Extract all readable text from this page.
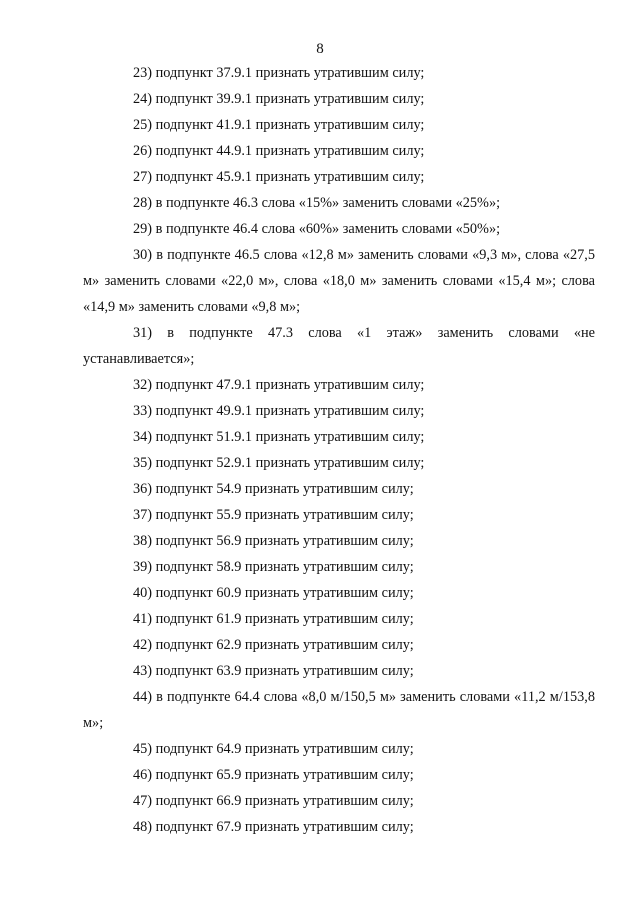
8

23) подпункт 37.9.1 признать утратившим силу;

24) подпункт 39.9.1 признать утратившим силу;

25) подпункт 41.9.1 признать утратившим силу;

26) подпункт 44.9.1 признать утратившим силу;

27) подпункт 45.9.1 признать утратившим силу;

28) в подпункте 46.3 слова «15%» заменить словами «25%»;

29) в подпункте 46.4 слова «60%» заменить словами «50%»;

30) в подпункте 46.5 слова «12,8 м» заменить словами «9,3 м», слова «27,5 м» заменить словами «22,0 м», слова «18,0 м» заменить словами «15,4 м»; слова «14,9 м» заменить словами «9,8 м»;

31) в подпункте 47.3 слова «1 этаж» заменить словами «не устанавливается»;

32) подпункт 47.9.1 признать утратившим силу;

33) подпункт 49.9.1 признать утратившим силу;

34) подпункт 51.9.1 признать утратившим силу;

35) подпункт 52.9.1 признать утратившим силу;

36) подпункт 54.9 признать утратившим силу;

37) подпункт 55.9 признать утратившим силу;

38) подпункт 56.9 признать утратившим силу;

39) подпункт 58.9 признать утратившим силу;

40) подпункт 60.9 признать утратившим силу;

41) подпункт 61.9 признать утратившим силу;

42) подпункт 62.9 признать утратившим силу;

43) подпункт 63.9 признать утратившим силу;

44) в подпункте 64.4 слова «8,0 м/150,5 м» заменить словами «11,2 м/153,8 м»;

45) подпункт 64.9 признать утратившим силу;

46) подпункт 65.9 признать утратившим силу;

47) подпункт 66.9 признать утратившим силу;

48) подпункт 67.9 признать утратившим силу;
